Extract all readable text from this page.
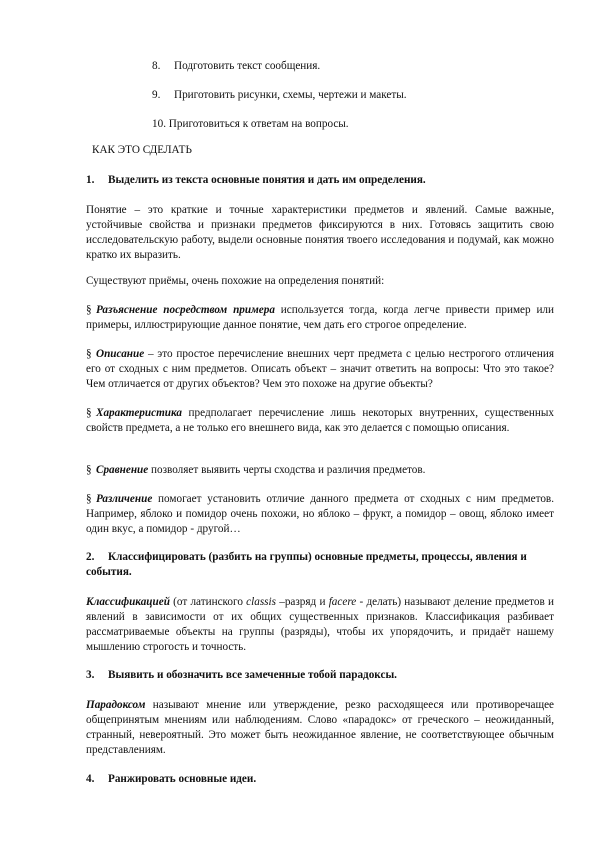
8. Подготовить текст сообщения.
9. Приготовить рисунки, схемы, чертежи и макеты.
10. Приготовиться к ответам на вопросы.
КАК ЭТО СДЕЛАТЬ
1. Выделить из текста основные понятия и дать им определения.
Понятие – это краткие и точные характеристики предметов и явлений. Самые важные, устойчивые свойства и признаки предметов фиксируются в них. Готовясь защитить свою исследовательскую работу, выдели основные понятия твоего исследования и подумай, как можно кратко их выразить.
Существуют приёмы, очень похожие на определения понятий:
§ Разъяснение посредством примера используется тогда, когда легче привести пример или примеры, иллюстрирующие данное понятие, чем дать его строгое определение.
§ Описание – это простое перечисление внешних черт предмета с целью нестрогого отличения его от сходных с ним предметов. Описать объект – значит ответить на вопросы: Что это такое? Чем отличается от других объектов? Чем это похоже на другие объекты?
§ Характеристика предполагает перечисление лишь некоторых внутренних, существенных свойств предмета, а не только его внешнего вида, как это делается с помощью описания.
§ Сравнение позволяет выявить черты сходства и различия предметов.
§ Различение помогает установить отличие данного предмета от сходных с ним предметов. Например, яблоко и помидор очень похожи, но яблоко – фрукт, а помидор – овощ, яблоко имеет один вкус, а помидор - другой…
2. Классифицировать (разбить на группы) основные предметы, процессы, явления и события.
Классификацией (от латинского classis –разряд и facere - делать) называют деление предметов и явлений в зависимости от их общих существенных признаков. Классификация разбивает рассматриваемые объекты на группы (разряды), чтобы их упорядочить, и придаёт нашему мышлению строгость и точность.
3. Выявить и обозначить все замеченные тобой парадоксы.
Парадоксом называют мнение или утверждение, резко расходящееся или противоречащее общепринятым мнениям или наблюдениям. Слово «парадокс» от греческого – неожиданный, странный, невероятный. Это может быть неожиданное явление, не соответствующее обычным представлениям.
4. Ранжировать основные идеи.
